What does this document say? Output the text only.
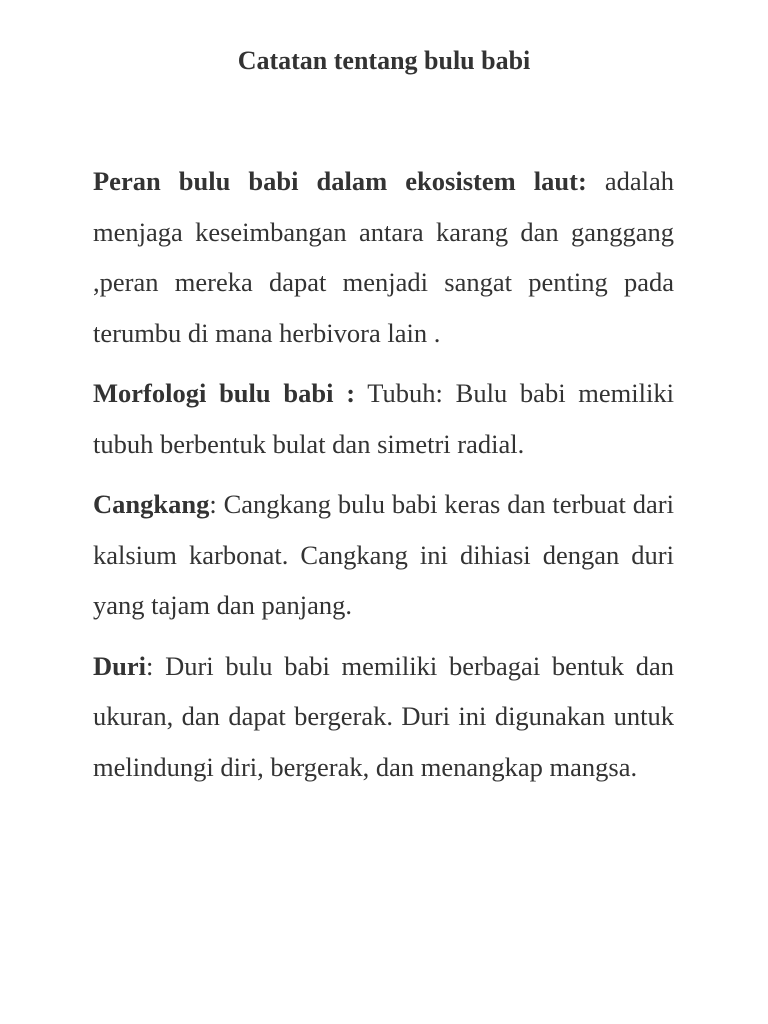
Catatan tentang bulu babi

Peran bulu babi dalam ekosistem laut: adalah menjaga keseimbangan antara karang dan ganggang ,peran mereka dapat menjadi sangat penting pada terumbu di mana herbivora lain .

Morfologi bulu babi : Tubuh: Bulu babi memiliki tubuh berbentuk bulat dan simetri radial.

Cangkang: Cangkang bulu babi keras dan terbuat dari kalsium karbonat. Cangkang ini dihiasi dengan duri yang tajam dan panjang.

Duri: Duri bulu babi memiliki berbagai bentuk dan ukuran, dan dapat bergerak. Duri ini digunakan untuk melindungi diri, bergerak, dan menangkap mangsa.
